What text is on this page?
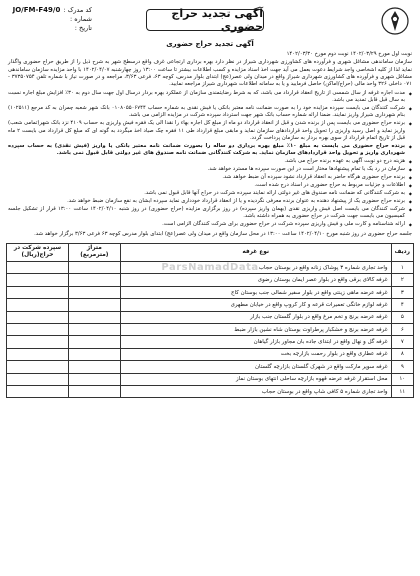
آگهی تجدید حراج حضوری
کد مدرک :
JO/FM-F49/0
شماره :
تاریخ :
آگهی تجدید حراج حضوری

نوبت اول مورخ ۱۴۰۲/۰۳/۲۹ نوبت دوم مورخ ۱۴۰۲/۰۳/۳۰

سازمان ساماندهی مشاغل شهری و فرآورده های کشاورزی شهرداری شیراز در نظر دارد بهره برداری ارتجاعی غرف واقع درسطح شهر به شرح ذیل را از طریق حراج حضوری واگذار نماید لذا از کلیه اشخاصی واجد شرایط دعوت بعمل می آید جهت اخذ اسناد مزایده و کسب اطلاعات بیشتر تا ساعت ۱۳:۰۰ روز چهارشنبه ۱۴۰۲/۰۴/۰۷ با واحد مزایده سازمان ساماندهی مشاغل شهری و فرآورده های کشاورزی شهرداری شیراز واقع در میدان ولی عصر(عج) ابتدای بلوار مدرس، کوچه ۶۳، فرعی ۳/۶۳، مراجعه و در صورت نیاز با شماره تلفن ۳۷۳۵۰۷۵۴ - ۰۷۱ داخلی ۳۲۶ واحد مالی (حراج/اماکن) حاصل فرمایید و یا به سامانه اطلاعات شهرداری شیراز مراجعه نمایید.

◆ مدت اجاره غرفه از سال شمسی از تاریخ انعقاد قرارداد می باشد، که به شرط رضایتمندی سازمان از عملکرد بهره بردار درسال اول جهت سال دوم به ۳۰٪ افزایش مبلغ اجاره نسبت به سال قبل قابل تمدید می باشد.
◆ شرکت کنندگان می بایست سپرده مزایده خود را به صورت ضمانت نامه معتبر بانکی یا فیش نقدی به شماره حساب ۰۱۰۸۰۵۵۰۶۷۴۴ بانک شهر شعبه چمران به کد مرجع (۱۰۲۵۱۱) بنام شهرداری شیراز واریز نمایند. ضمنا ارائه شماره حساب بانک شهر جهت استرداد سپرده شرکت در مزایده الزامی می باشد.
◆ برنده حراج حضوری می بایست پس از برنده شدن و قبل از انعقاد قرارداد دو ماه از مبلغ کل اجاره بهاء را نقدا الی یک فقره فیش واریزی به حساب ۴۱۰۹ نزد بانک شهر(تمامی شعب) واریز نماید و اصل رسید واریزی را تحویل واحد قراردادهای سازمان نماید و مابقی مبلغ قرارداد طی ۱۱ فقره چک صیاد اخذ میگردد به گونه ای که مبلغ کل قرارداد می بایست ۲ ماه قبل از تاریخ اتمام قرارداد از سوی بهره بردار به سازمان پرداخت گردد.
◆ برنده حراج حضوری می بایست به مبلغ ۱۰٪ مبلغ بهره برداری دو ساله را بصورت ضمانت نامه معتبر بانکی یا واریز (فیش نقدی) به حساب سپرده شهرداری واریز و تحویل واحد قراردادهای سازمان نماید. به شرکت کنندگانی ضمانت نامه صندوق های غیر دولتی قابل قبول نمی باشد.
◆ هزینه درج دو نوبت آگهی به عهده برنده حراج می باشد.
◆ سازمان در رد یک یا تمام پیشنهادها مختار است در این صورت سپرده ها مسترد خواهد شد.
◆ برنده حراج حضوری هرگاه حاضر به انعقاد قرارداد نشود سپرده آن ضبط خواهد شد.
◆ اطلاعات و جزئیات مربوط به حراج حضوری در اسناد درج شده است.
◆ به شرکت کنندگانی که ضمانت نامه صندوق های غیر دولتی ارائه نمایند سپرده شرکت در حراج آنها قابل قبول نمی باشد.
◆ برنده حراج حضوری یک از پیشنهاد دهنده به عنوان برنده معرفی نگردیده و یا از انعقاد قرارداد خودداری نماید سپرده ایشان به نفع سازمان ضبط خواهد شد.
◆ شرکت کنندگان می بایست اصل فیش واریزی نقدی (بهمان واریز سپرده) در روز برگزاری مزایده (حراج حضوری) در روز شنبه ۱۴۰۲/۰۴/۱۰ ساعت ۱۳:۰۰ قرار از تشکیل جلسه کمیسیون می بایست جهت شرکت در حراج حضوری به همراه داشته باشد.
◆ ارائه شناسنامه و کارت ملی و فیش واریزی سپرده شرکت در حراج حضوری برای شرکت کنندگان الزامی است.
جلسه حراج حضوری در روز شنبه مورخ ۱۴۰۲/۰۴/۱۰ ساعت ۱۳:۰۰ در محل سازمان واقع در میدان ولی عصر(عج) ابتدای بلوار مدرس کوچه ۶۳ فرعی ۳/۶۳ برگزار خواهد شد.
ParsNamadData
ردیف	نوع غرفه	متراژ (مترمربع)	سپرده شرکت در حراج(ریال)
۱	واحد تجاری شماره ۳ پوشاک زنانه واقع در بوستان حجاب		
۲	غرفه کالای برقی واقع در بلوار عصر ایمان بوستان رضوی		
۳	غرفه عرضه ماهی زینتی واقع در بلوار سفیر شمالی جنب بوستان کاج		
۴	غرفه لوازم خانگی تعمیرات قرعه و کار کروپ واقع در خیابان مطهری		
۵	غرفه عرضه برنج و تخم مرغ واقع در بلوار گلستان جنب بازار		
۶	غرفه عرضه برنج و خشکبار پرطراوت بوستان شاه نشین بازار ضبط		
۷	غرفه گل و نهال واقع در ابتدای جاده بان مجاور بازار گیاهان		
۸	غرفه عطاری واقع در بلوار رحمت بازارچه بخت		
۹	غرفه سوپر مارکت واقع در شهرک گلستان بازارچه گلستان		
۱۰	محل استقرار غرفه عرضه قهوه بازارچه ساحلی انتهای بوستان نماز		
۱۱	واحد تجاری شماره ۵ کافی شاپ واقع در بوستان حجاب		
